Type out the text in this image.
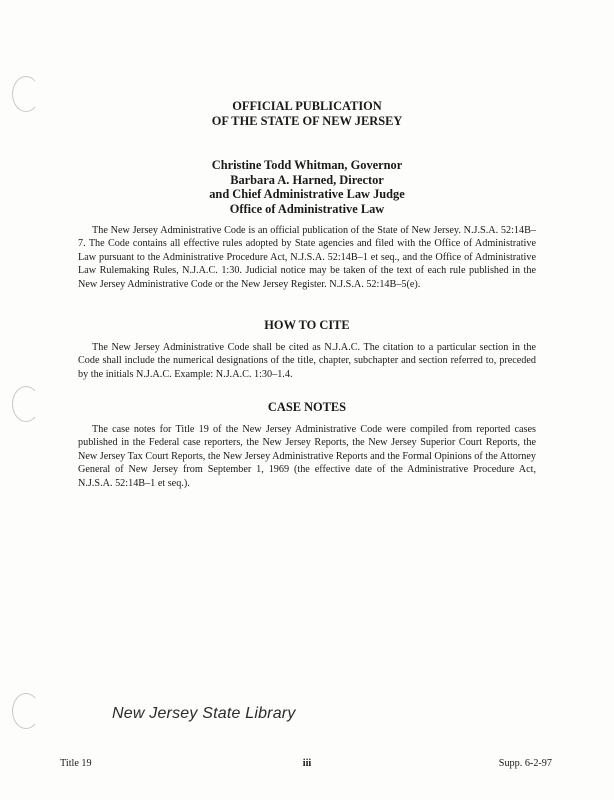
OFFICIAL PUBLICATION
OF THE STATE OF NEW JERSEY
Christine Todd Whitman, Governor
Barbara A. Harned, Director
and Chief Administrative Law Judge
Office of Administrative Law

The New Jersey Administrative Code is an official publication of the State of New Jersey. N.J.S.A. 52:14B–7. The Code contains all effective rules adopted by State agencies and filed with the Office of Administrative Law pursuant to the Administrative Procedure Act, N.J.S.A. 52:14B–1 et seq., and the Office of Administrative Law Rulemaking Rules, N.J.A.C. 1:30. Judicial notice may be taken of the text of each rule published in the New Jersey Administrative Code or the New Jersey Register. N.J.S.A. 52:14B–5(e).

HOW TO CITE

The New Jersey Administrative Code shall be cited as N.J.A.C. The citation to a particular section in the Code shall include the numerical designations of the title, chapter, subchapter and section referred to, preceded by the initials N.J.A.C. Example: N.J.A.C. 1:30–1.4.

CASE NOTES

The case notes for Title 19 of the New Jersey Administrative Code were compiled from reported cases published in the Federal case reporters, the New Jersey Reports, the New Jersey Superior Court Reports, the New Jersey Tax Court Reports, the New Jersey Administrative Reports and the Formal Opinions of the Attorney General of New Jersey from September 1, 1969 (the effective date of the Administrative Procedure Act, N.J.S.A. 52:14B–1 et seq.).

New Jersey State Library
Title 19	iii	Supp. 6-2-97
